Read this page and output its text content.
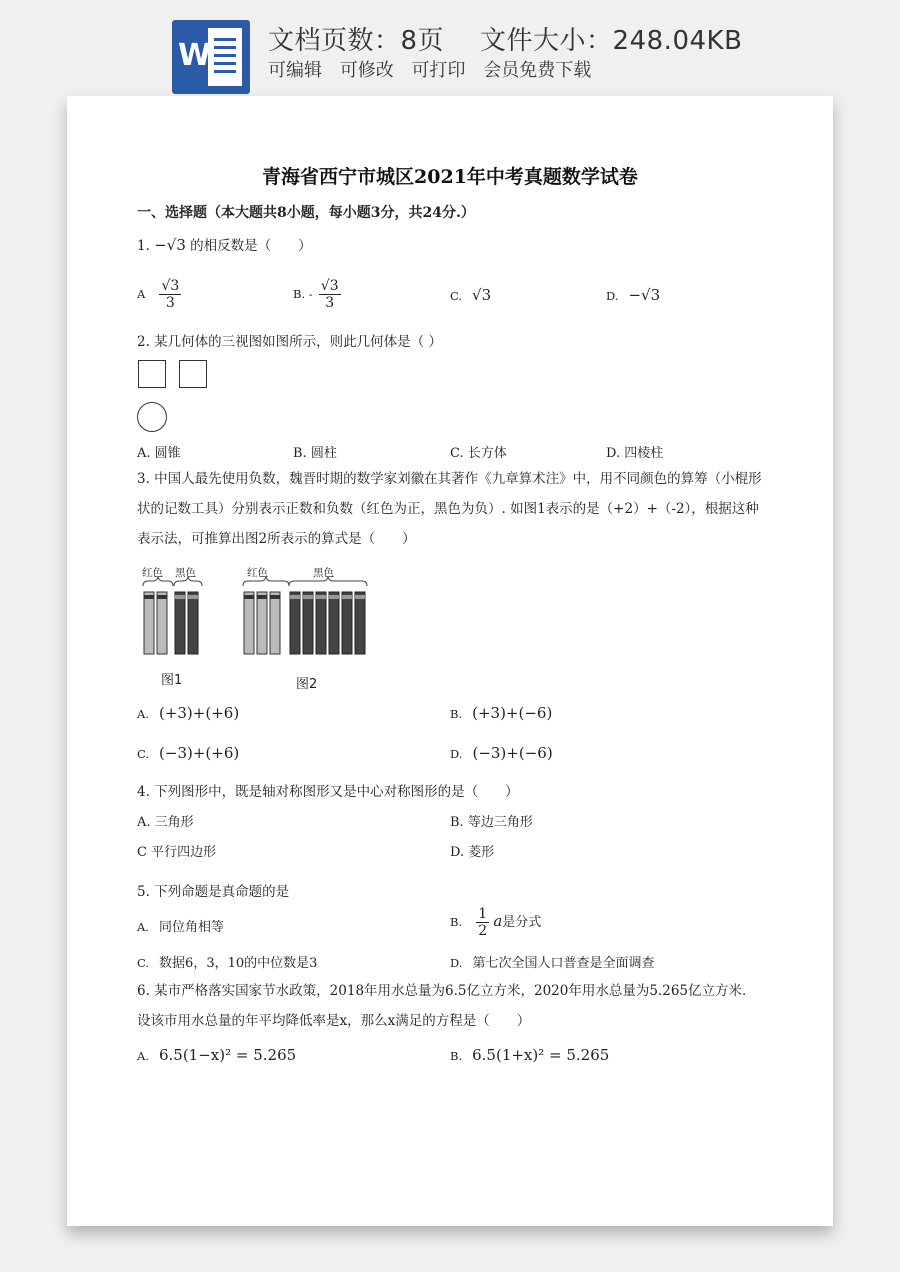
W 文档页数：8页 文件大小：248.04KB
可编辑 可修改 可打印 会员免费下载
青海省西宁市城区2021年中考真题数学试卷
一、选择题（本大题共8小题，每小题3分，共24分.）
1. −√3 的相反数是（　　）
A $\frac{√3}{3}$	B. - $\frac{√3}{3}$	C. √3	D. −√3
2. 某几何体的三视图如图所示，则此几何体是（ ）
A. 圆锥	B. 圆柱	C. 长方体	D. 四棱柱
3. 中国人最先使用负数，魏晋时期的数学家刘徽在其著作《九章算术注》中，用不同颜色的算筹（小棍形状的记数工具）分别表示正数和负数（红色为正，黑色为负）. 如图1表示的是（+2）+（-2），根据这种表示法，可推算出图2所表示的算式是（　　）
红色 黑色	红色	黑色
图1	图2
A. (+3)+(+6)	B. (+3)+(−6)
C. (−3)+(+6)	D. (−3)+(−6)
4. 下列图形中，既是轴对称图形又是中心对称图形的是（　　）
A. 三角形	B. 等边三角形
C 平行四边形	D. 菱形
5. 下列命题是真命题的是
A. 同位角相等	B. $\frac{1}{2}$ a是分式
C. 数据6，3，10的中位数是3	D. 第七次全国人口普查是全面调查
6. 某市严格落实国家节水政策，2018年用水总量为6.5亿立方米，2020年用水总量为5.265亿立方米．设该市用水总量的年平均降低率是x，那么x满足的方程是（　　）
A. 6.5(1−x)² = 5.265	B. 6.5(1+x)² = 5.265
